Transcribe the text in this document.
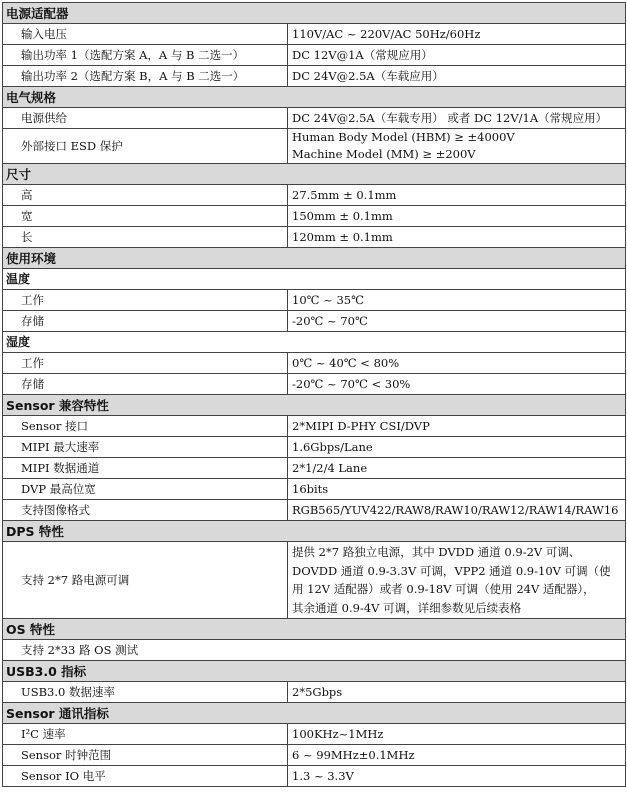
电源适配器	
输入电压	110V/AC ~ 220V/AC 50Hz/60Hz
输出功率 1（选配方案 A，A 与 B 二选一）	DC 12V@1A（常规应用）
输出功率 2（选配方案 B，A 与 B 二选一）	DC 24V@2.5A（车载应用）
电气规格	
电源供给	DC 24V@2.5A（车载专用） 或者 DC 12V/1A（常规应用）
外部接口 ESD 保护	Human Body Model (HBM) ≥ ±4000V
Machine Model (MM) ≥ ±200V

尺寸	
高	27.5mm ± 0.1mm
宽	150mm ± 0.1mm
长	120mm ± 0.1mm
使用环境	
温度	
工作	10℃ ~ 35℃
存储	-20℃ ~ 70℃
湿度	
工作	0℃ ~ 40℃ < 80%
存储	-20℃ ~ 70℃ < 30%
Sensor 兼容特性	
Sensor 接口	2*MIPI D-PHY CSI/DVP
MIPI 最大速率	1.6Gbps/Lane
MIPI 数据通道	2*1/2/4 Lane
DVP 最高位宽	16bits
支持图像格式	RGB565/YUV422/RAW8/RAW10/RAW12/RAW14/RAW16
DPS 特性	
支持 2*7 路电源可调	提供 2*7 路独立电源，其中 DVDD 通道 0.9-2V 可调、
DOVDD 通道 0.9-3.3V 可调，VPP2 通道 0.9-10V 可调（使
用 12V 适配器）或者 0.9-18V 可调（使用 24V 适配器），
其余通道 0.9-4V 可调，详细参数见后续表格

OS 特性	
支持 2*33 路 OS 测试	
USB3.0 指标	
USB3.0 数据速率	2*5Gbps
Sensor 通讯指标	
I²C 速率	100KHz~1MHz
Sensor 时钟范围	6 ~ 99MHz±0.1MHz
Sensor IO 电平	1.3 ~ 3.3V
